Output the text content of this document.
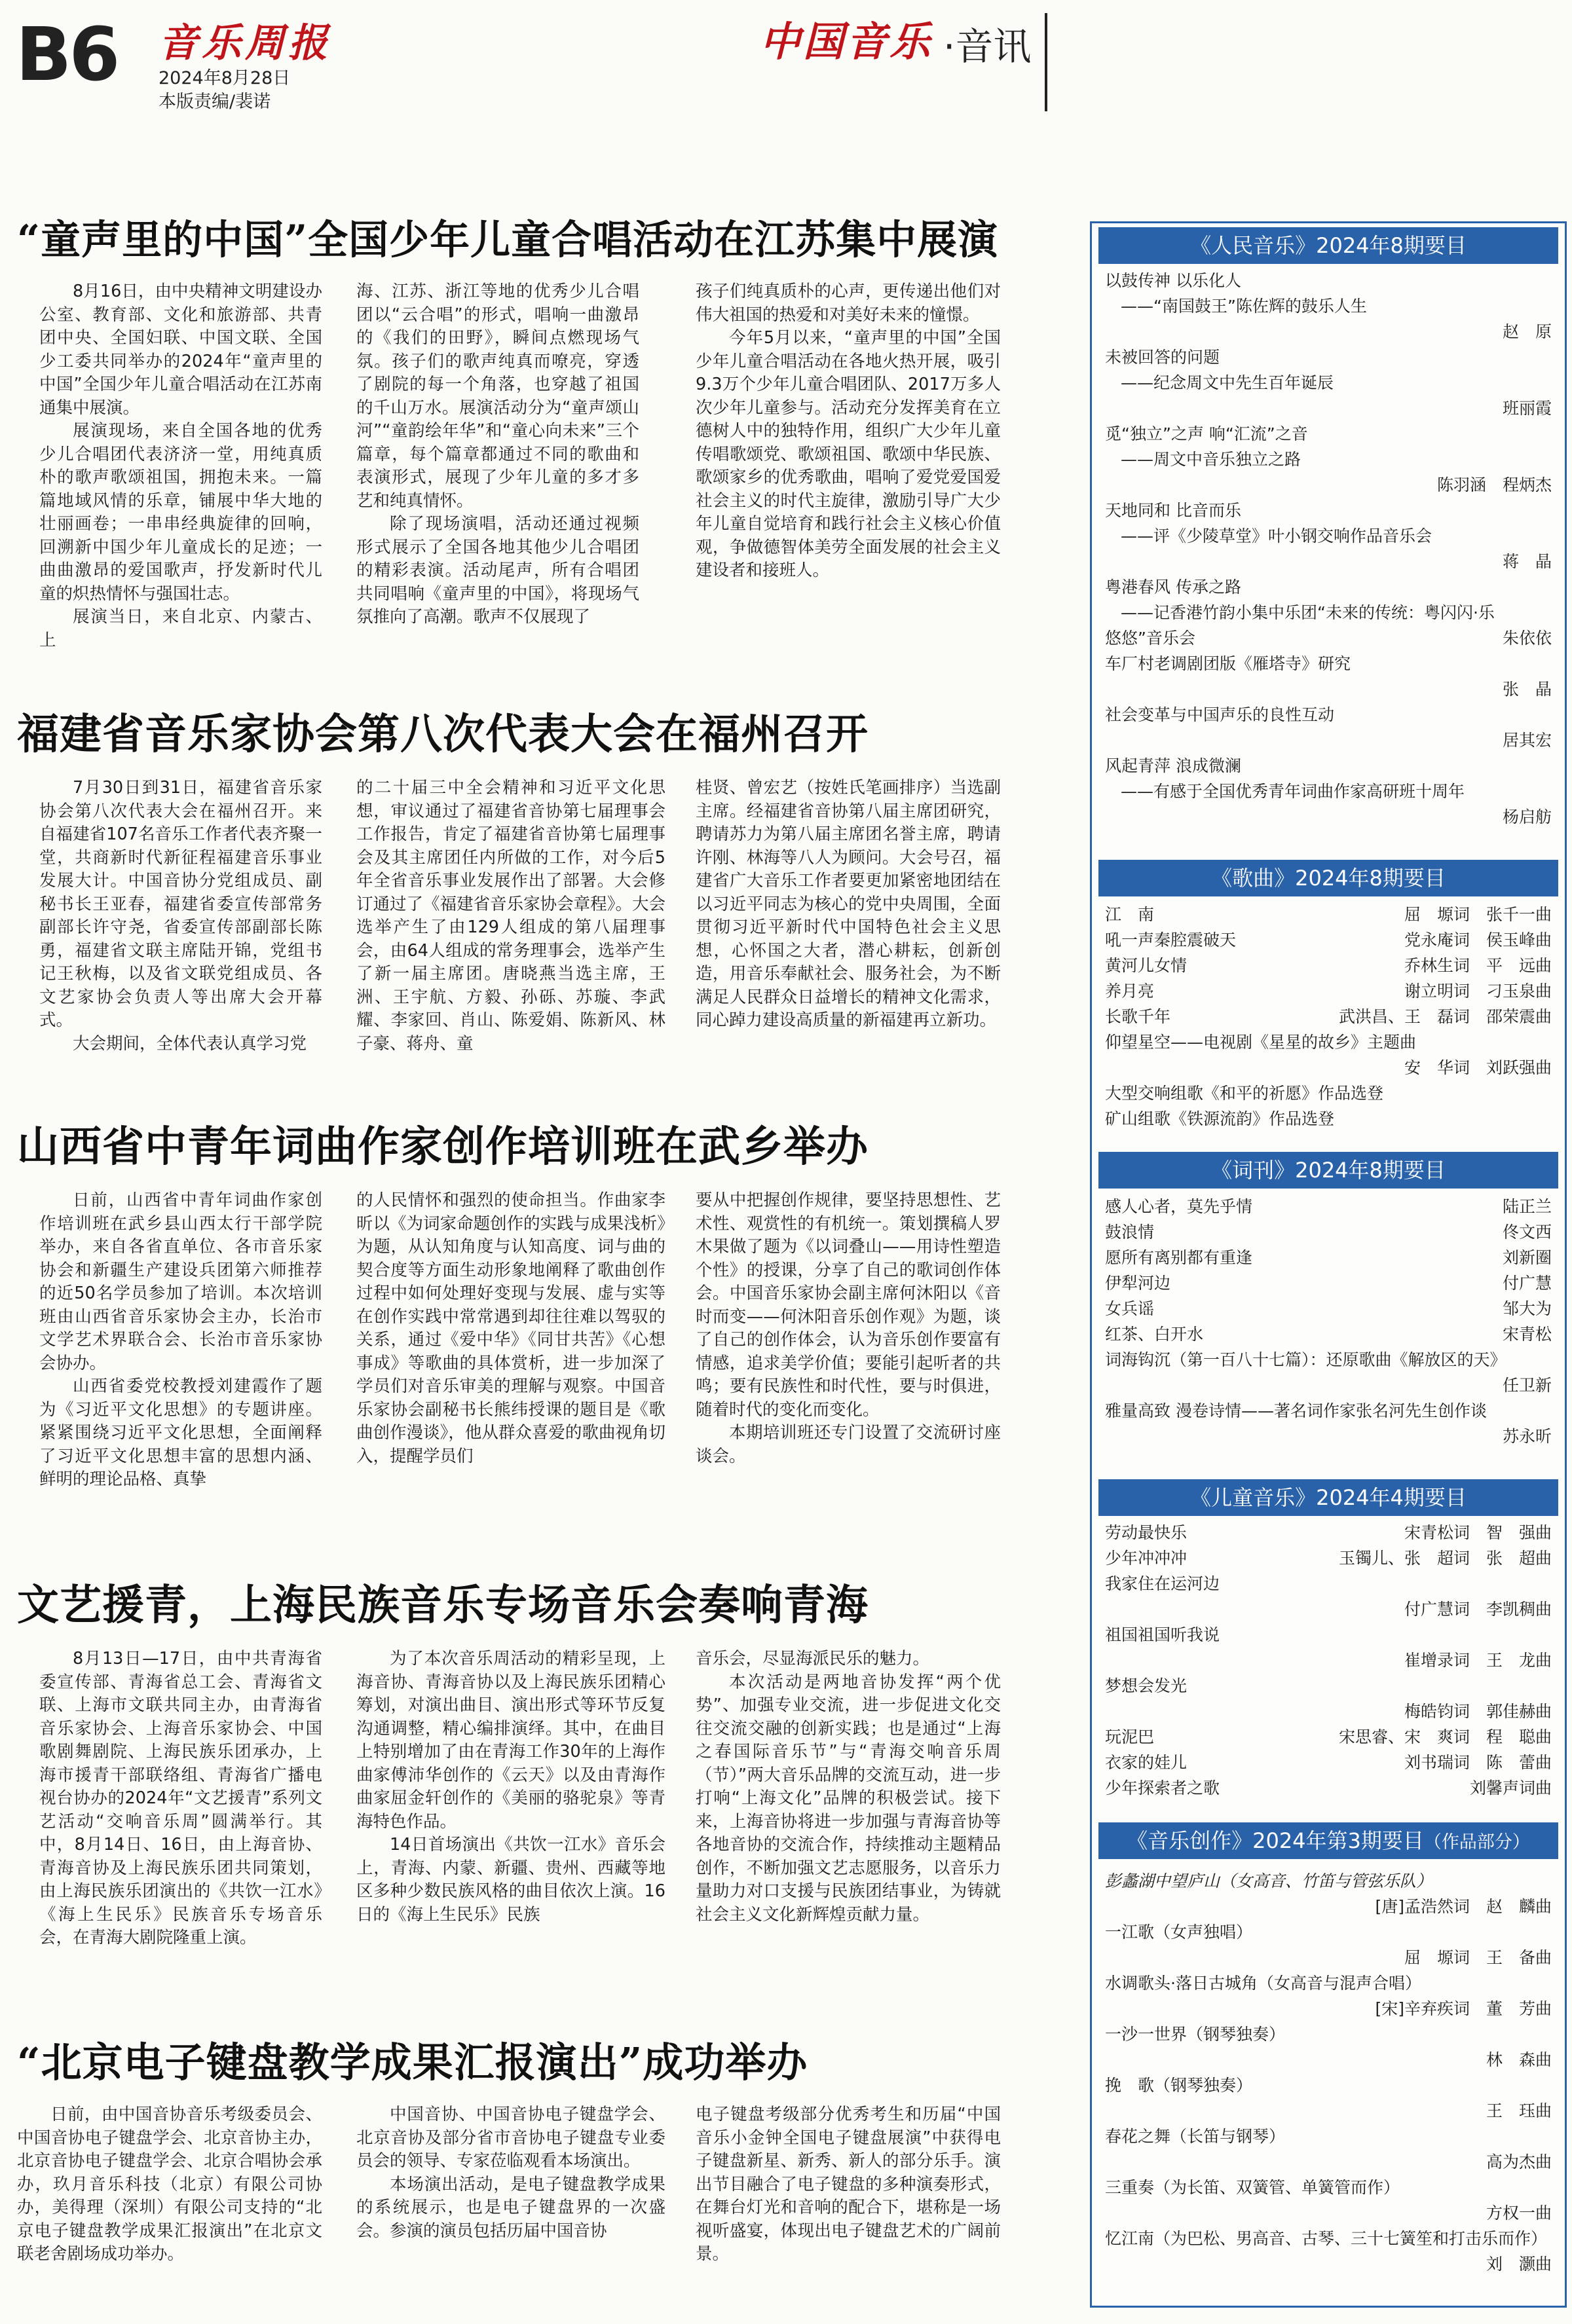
B6 音乐周报
2024年8月28日
本版责编/裴诺
中国音乐 ·音讯
“童声里的中国”全国少年儿童合唱活动在江苏集中展演

8月16日，由中央精神文明建设办公室、教育部、文化和旅游部、共青团中央、全国妇联、中国文联、全国少工委共同举办的2024年“童声里的中国”全国少年儿童合唱活动在江苏南通集中展演。

展演现场，来自全国各地的优秀少儿合唱团代表济济一堂，用纯真质朴的歌声歌颂祖国，拥抱未来。一篇篇地域风情的乐章，铺展中华大地的壮丽画卷；一串串经典旋律的回响，回溯新中国少年儿童成长的足迹；一曲曲激昂的爱国歌声，抒发新时代儿童的炽热情怀与强国壮志。

展演当日，来自北京、内蒙古、上

海、江苏、浙江等地的优秀少儿合唱团以“云合唱”的形式，唱响一曲激昂的《我们的田野》，瞬间点燃现场气氛。孩子们的歌声纯真而嘹亮，穿透了剧院的每一个角落，也穿越了祖国的千山万水。展演活动分为“童声颂山河”“童韵绘年华”和“童心向未来”三个篇章，每个篇章都通过不同的歌曲和表演形式，展现了少年儿童的多才多艺和纯真情怀。

除了现场演唱，活动还通过视频形式展示了全国各地其他少儿合唱团的精彩表演。活动尾声，所有合唱团共同唱响《童声里的中国》，将现场气氛推向了高潮。歌声不仅展现了

孩子们纯真质朴的心声，更传递出他们对伟大祖国的热爱和对美好未来的憧憬。

今年5月以来，“童声里的中国”全国少年儿童合唱活动在各地火热开展，吸引9.3万个少年儿童合唱团队、2017万多人次少年儿童参与。活动充分发挥美育在立德树人中的独特作用，组织广大少年儿童传唱歌颂党、歌颂祖国、歌颂中华民族、歌颂家乡的优秀歌曲，唱响了爱党爱国爱社会主义的时代主旋律，激励引导广大少年儿童自觉培育和践行社会主义核心价值观，争做德智体美劳全面发展的社会主义建设者和接班人。

福建省音乐家协会第八次代表大会在福州召开

7月30日到31日，福建省音乐家协会第八次代表大会在福州召开。来自福建省107名音乐工作者代表齐聚一堂，共商新时代新征程福建音乐事业发展大计。中国音协分党组成员、副秘书长王亚春，福建省委宣传部常务副部长许守尧，省委宣传部副部长陈勇，福建省文联主席陆开锦，党组书记王秋梅，以及省文联党组成员、各文艺家协会负责人等出席大会开幕式。

大会期间，全体代表认真学习党

的二十届三中全会精神和习近平文化思想，审议通过了福建省音协第七届理事会工作报告，肯定了福建省音协第七届理事会及其主席团任内所做的工作，对今后5年全省音乐事业发展作出了部署。大会修订通过了《福建省音乐家协会章程》。大会选举产生了由129人组成的第八届理事会，由64人组成的常务理事会，选举产生了新一届主席团。唐晓燕当选主席，王洲、王宇航、方毅、孙砾、苏璇、李武耀、李家回、肖山、陈爱娟、陈新风、林子豪、蒋舟、童

桂贤、曾宏艺（按姓氏笔画排序）当选副主席。经福建省音协第八届主席团研究，聘请苏力为第八届主席团名誉主席，聘请许刚、林海等八人为顾问。大会号召，福建省广大音乐工作者要更加紧密地团结在以习近平同志为核心的党中央周围，全面贯彻习近平新时代中国特色社会主义思想，心怀国之大者，潜心耕耘，创新创造，用音乐奉献社会、服务社会，为不断满足人民群众日益增长的精神文化需求，同心踔力建设高质量的新福建再立新功。

山西省中青年词曲作家创作培训班在武乡举办

日前，山西省中青年词曲作家创作培训班在武乡县山西太行干部学院举办，来自各省直单位、各市音乐家协会和新疆生产建设兵团第六师推荐的近50名学员参加了培训。本次培训班由山西省音乐家协会主办，长治市文学艺术界联合会、长治市音乐家协会协办。

山西省委党校教授刘建霞作了题为《习近平文化思想》的专题讲座。紧紧围绕习近平文化思想，全面阐释了习近平文化思想丰富的思想内涵、鲜明的理论品格、真挚

的人民情怀和强烈的使命担当。作曲家李昕以《为词家命题创作的实践与成果浅析》为题，从认知角度与认知高度、词与曲的契合度等方面生动形象地阐释了歌曲创作过程中如何处理好变现与发展、虚与实等在创作实践中常常遇到却往往难以驾驭的关系，通过《爱中华》《同甘共苦》《心想事成》等歌曲的具体赏析，进一步加深了学员们对音乐审美的理解与观察。中国音乐家协会副秘书长熊纬授课的题目是《歌曲创作漫谈》，他从群众喜爱的歌曲视角切入，提醒学员们

要从中把握创作规律，要坚持思想性、艺术性、观赏性的有机统一。策划撰稿人罗木果做了题为《以词叠山——用诗性塑造个性》的授课，分享了自己的歌词创作体会。中国音乐家协会副主席何沐阳以《音时而变——何沐阳音乐创作观》为题，谈了自己的创作体会，认为音乐创作要富有情感，追求美学价值；要能引起听者的共鸣；要有民族性和时代性，要与时俱进，随着时代的变化而变化。

本期培训班还专门设置了交流研讨座谈会。

文艺援青，上海民族音乐专场音乐会奏响青海

8月13日—17日，由中共青海省委宣传部、青海省总工会、青海省文联、上海市文联共同主办，由青海省音乐家协会、上海音乐家协会、中国歌剧舞剧院、上海民族乐团承办，上海市援青干部联络组、青海省广播电视台协办的2024年“文艺援青”系列文艺活动“交响音乐周”圆满举行。其中，8月14日、16日，由上海音协、青海音协及上海民族乐团共同策划，由上海民族乐团演出的《共饮一江水》《海上生民乐》民族音乐专场音乐会，在青海大剧院隆重上演。

为了本次音乐周活动的精彩呈现，上海音协、青海音协以及上海民族乐团精心筹划，对演出曲目、演出形式等环节反复沟通调整，精心编排演绎。其中，在曲目上特别增加了由在青海工作30年的上海作曲家傅沛华创作的《云天》以及由青海作曲家屈金轩创作的《美丽的骆驼泉》等青海特色作品。

14日首场演出《共饮一江水》音乐会上，青海、内蒙、新疆、贵州、西藏等地区多种少数民族风格的曲目依次上演。16日的《海上生民乐》民族

音乐会，尽显海派民乐的魅力。

本次活动是两地音协发挥“两个优势”、加强专业交流，进一步促进文化交往交流交融的创新实践；也是通过“上海之春国际音乐节”与“青海交响音乐周（节）”两大音乐品牌的交流互动，进一步打响“上海文化”品牌的积极尝试。接下来，上海音协将进一步加强与青海音协等各地音协的交流合作，持续推动主题精品创作，不断加强文艺志愿服务，以音乐力量助力对口支援与民族团结事业，为铸就社会主义文化新辉煌贡献力量。

“北京电子键盘教学成果汇报演出”成功举办

日前，由中国音协音乐考级委员会、中国音协电子键盘学会、北京音协主办，北京音协电子键盘学会、北京合唱协会承办，玖月音乐科技（北京）有限公司协办，美得理（深圳）有限公司支持的“北京电子键盘教学成果汇报演出”在北京文联老舍剧场成功举办。

中国音协、中国音协电子键盘学会、北京音协及部分省市音协电子键盘专业委员会的领导、专家莅临观看本场演出。

本场演出活动，是电子键盘教学成果的系统展示，也是电子键盘界的一次盛会。参演的演员包括历届中国音协

电子键盘考级部分优秀考生和历届“中国音乐小金钟全国电子键盘展演”中获得电子键盘新星、新秀、新人的部分乐手。演出节目融合了电子键盘的多种演奏形式，在舞台灯光和音响的配合下，堪称是一场视听盛宴，体现出电子键盘艺术的广阔前景。

《人民音乐》2024年8期要目
以鼓传神 以乐化人
——“南国鼓王”陈佐辉的鼓乐人生
赵　原
未被回答的问题
——纪念周文中先生百年诞辰
班丽霞
觅“独立”之声 响“汇流”之音
——周文中音乐独立之路
陈羽涵　程炳杰
天地同和 比音而乐
——评《少陵草堂》叶小钢交响作品音乐会
蒋　晶
粤港春风 传承之路
——记香港竹韵小集中乐团“未来的传统：粤闪闪·乐
悠悠”音乐会	朱依依
车厂村老调剧团版《雁塔寺》研究
张　晶
社会变革与中国声乐的良性互动
居其宏
风起青萍 浪成微澜
——有感于全国优秀青年词曲作家高研班十周年
杨启舫
《歌曲》2024年8期要目
江　南	屈　塬词　张千一曲
吼一声秦腔震破天	党永庵词　侯玉峰曲
黄河儿女情	乔林生词　平　远曲
养月亮	谢立明词　刁玉泉曲
长歌千年	武洪昌、王　磊词　邵荣震曲
仰望星空——电视剧《星星的故乡》主题曲
安　华词　刘跃强曲
大型交响组歌《和平的祈愿》作品选登
矿山组歌《铁源流韵》作品选登
《词刊》2024年8期要目
感人心者，莫先乎情	陆正兰
鼓浪情	佟文西
愿所有离别都有重逢	刘新圈
伊犁河边	付广慧
女兵谣	邹大为
红茶、白开水	宋青松
词海钩沉（第一百八十七篇）：还原歌曲《解放区的天》
任卫新
雅量高致 漫卷诗情——著名词作家张名河先生创作谈
苏永昕
《儿童音乐》2024年4期要目
劳动最快乐	宋青松词　智　强曲
少年冲冲冲	玉镯儿、张　超词　张　超曲
我家住在运河边
付广慧词　李凯稠曲
祖国祖国听我说
崔增录词　王　龙曲
梦想会发光
梅皓钧词　郭佳赫曲
玩泥巴	宋思睿、宋　爽词　程　聪曲
衣家的娃儿	刘书瑞词　陈　蕾曲
少年探索者之歌	刘馨声词曲
《音乐创作》2024年第3期要目（作品部分）
彭蠡湖中望庐山（女高音、竹笛与管弦乐队）
[唐]孟浩然词　赵　麟曲
一江歌（女声独唱）
屈　塬词　王　备曲
水调歌头·落日古城角（女高音与混声合唱）
[宋]辛弃疾词　董　芳曲
一沙一世界（钢琴独奏）
林　森曲
挽　歌（钢琴独奏）
王　珏曲
春花之舞（长笛与钢琴）
高为杰曲
三重奏（为长笛、双簧管、单簧管而作）
方权一曲
忆江南（为巴松、男高音、古琴、三十七簧笙和打击乐而作）
刘　灏曲
